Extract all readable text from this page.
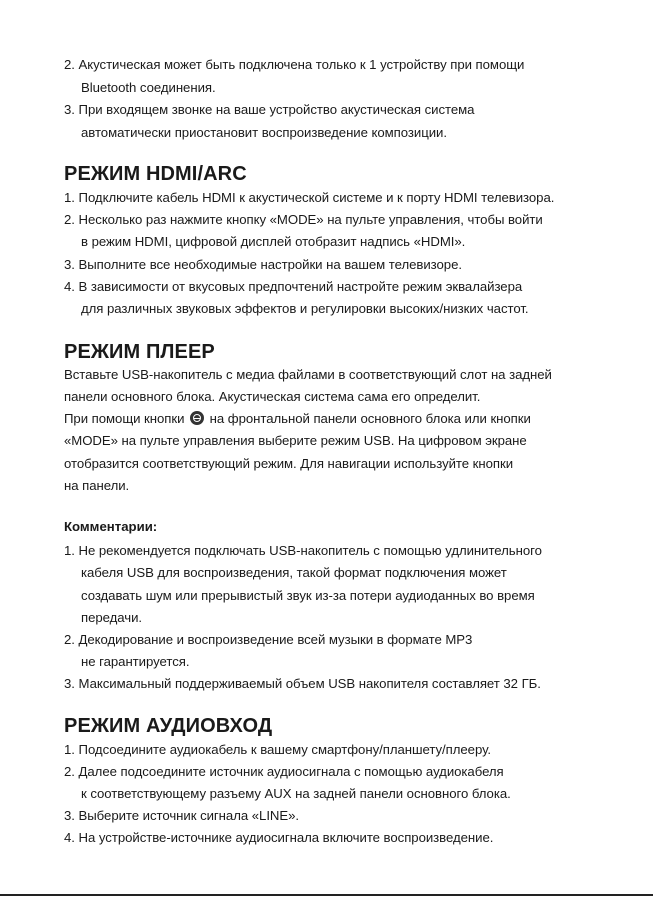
2. Акустическая может быть подключена только к 1 устройству при помощи
Bluetooth соединения.
3. При входящем звонке на ваше устройство акустическая система
автоматически приостановит воспроизведение композиции.
РЕЖИМ HDMI/ARC
1. Подключите кабель HDMI к акустической системе и к порту HDMI телевизора.
2. Несколько раз нажмите кнопку «MODE» на пульте управления, чтобы войти
в режим HDMI, цифровой дисплей отобразит надпись «HDMI».
3. Выполните все необходимые настройки на вашем телевизоре.
4. В зависимости от вкусовых предпочтений настройте режим эквалайзера
для различных звуковых эффектов и регулировки высоких/низких частот.
РЕЖИМ ПЛЕЕР
Вставьте USB-накопитель с медиа файлами в соответствующий слот на задней
панели основного блока. Акустическая система сама его определит.
При помощи кнопки на фронтальной панели основного блока или кнопки
«MODE» на пульте управления выберите режим USB. На цифровом экране
отобразится соответствующий режим. Для навигации используйте кнопки
на панели.
Комментарии:
1. Не рекомендуется подключать USB-накопитель с помощью удлинительного
кабеля USB для воспроизведения, такой формат подключения может
создавать шум или прерывистый звук из-за потери аудиоданных во время
передачи.
2. Декодирование и воспроизведение всей музыки в формате MP3
не гарантируется.
3. Максимальный поддерживаемый объем USB накопителя составляет 32 ГБ.
РЕЖИМ АУДИОВХОД
1. Подсоедините аудиокабель к вашему смартфону/планшету/плееру.
2. Далее подсоедините источник аудиосигнала с помощью аудиокабеля
к соответствующему разъему AUX на задней панели основного блока.
3. Выберите источник сигнала «LINE».
4. На устройстве-источнике аудиосигнала включите воспроизведение.
